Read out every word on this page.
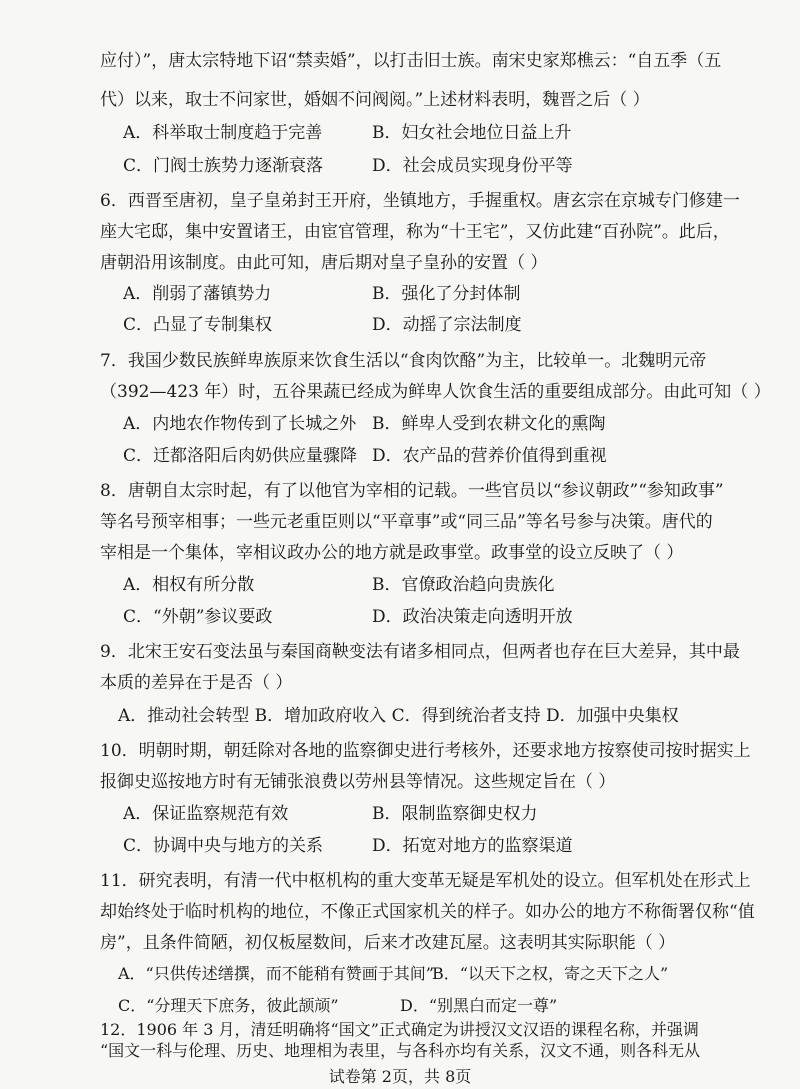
应付）”，唐太宗特地下诏“禁卖婚”，以打击旧士族。南宋史家郑樵云：“自五季（五
代）以来，取士不问家世，婚姻不问阀阅。”上述材料表明，魏晋之后（ ）
A．科举取士制度趋于完善	B．妇女社会地位日益上升
C．门阀士族势力逐渐衰落	D．社会成员实现身份平等
6．西晋至唐初，皇子皇弟封王开府，坐镇地方，手握重权。唐玄宗在京城专门修建一
座大宅邸，集中安置诸王，由宦官管理，称为“十王宅”，又仿此建“百孙院”。此后，
唐朝沿用该制度。由此可知，唐后期对皇子皇孙的安置（ ）
A．削弱了藩镇势力	B．强化了分封体制
C．凸显了专制集权	D．动摇了宗法制度
7．我国少数民族鲜卑族原来饮食生活以“食肉饮酪”为主，比较单一。北魏明元帝
（392—423 年）时，五谷果蔬已经成为鲜卑人饮食生活的重要组成部分。由此可知（ ）
A．内地农作物传到了长城之外 B．鲜卑人受到农耕文化的熏陶
C．迁都洛阳后肉奶供应量骤降 D．农产品的营养价值得到重视
8．唐朝自太宗时起，有了以他官为宰相的记载。一些官员以“参议朝政”“参知政事”
等名号预宰相事；一些元老重臣则以“平章事”或“同三品”等名号参与决策。唐代的
宰相是一个集体，宰相议政办公的地方就是政事堂。政事堂的设立反映了（ ）
A．相权有所分散	B．官僚政治趋向贵族化
C．“外朝”参议要政	D．政治决策走向透明开放
9．北宋王安石变法虽与秦国商鞅变法有诸多相同点，但两者也存在巨大差异，其中最
本质的差异在于是否（ ）
A．推动社会转型 B．增加政府收入 C．得到统治者支持 D．加强中央集权
10．明朝时期，朝廷除对各地的监察御史进行考核外，还要求地方按察使司按时据实上
报御史巡按地方时有无铺张浪费以劳州县等情况。这些规定旨在（ ）
A．保证监察规范有效	B．限制监察御史权力
C．协调中央与地方的关系	D．拓宽对地方的监察渠道
11．研究表明，有清一代中枢机构的重大变革无疑是军机处的设立。但军机处在形式上
却始终处于临时机构的地位，不像正式国家机关的样子。如办公的地方不称衙署仅称“值
房”，且条件简陋，初仅板屋数间，后来才改建瓦屋。这表明其实际职能（ ）
A．“只供传述缮撰，而不能稍有赞画于其间”
B．“以天下之权，寄之天下之人”
C．“分理天下庶务，彼此颉颃”	D．“别黑白而定一尊”
12．1906 年 3 月，清廷明确将“国文”正式确定为讲授汉文汉语的课程名称，并强调
“国文一科与伦理、历史、地理相为表里，与各科亦均有关系，汉文不通，则各科无从
试卷第 2页，共 8页
